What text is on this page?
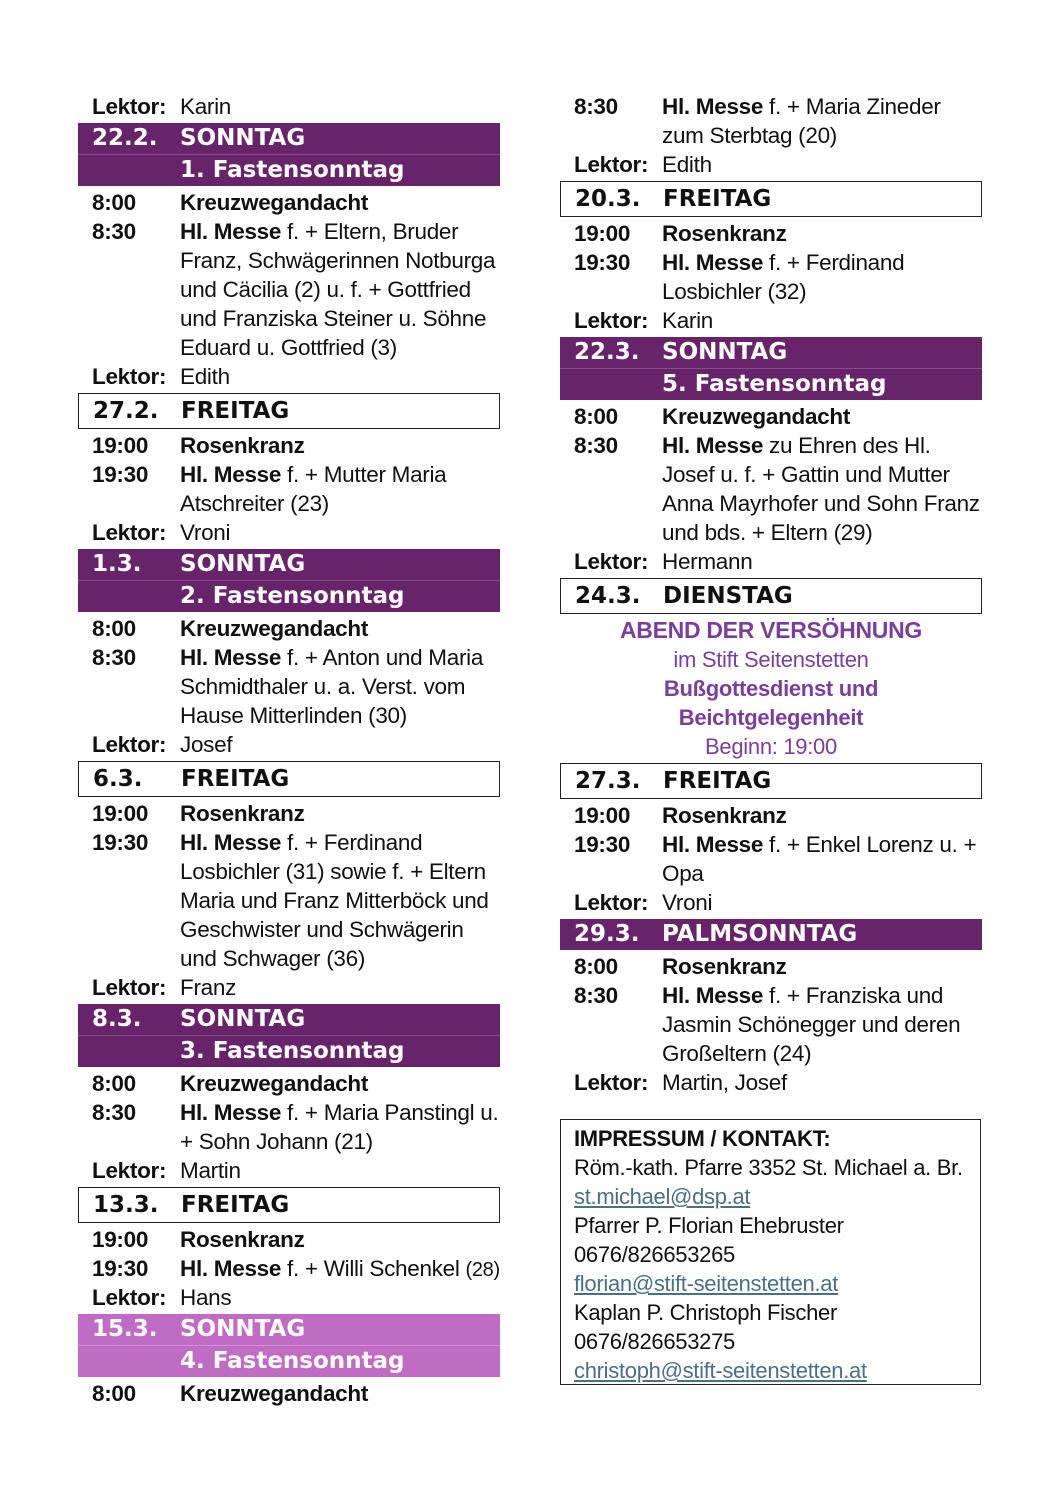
Lektor: Karin
22.2. SONNTAG
1. Fastensonntag
8:00 Kreuzwegandacht
8:30 Hl. Messe f. + Eltern, Bruder
Franz, Schwägerinnen Notburga
und Cäcilia (2) u. f. + Gottfried
und Franziska Steiner u. Söhne
Eduard u. Gottfried (3)
Lektor: Edith
27.2. FREITAG
19:00 Rosenkranz
19:30 Hl. Messe f. + Mutter Maria
Atschreiter (23)
Lektor: Vroni
1.3. SONNTAG
2. Fastensonntag
8:00 Kreuzwegandacht
8:30 Hl. Messe f. + Anton und Maria
Schmidthaler u. a. Verst. vom
Hause Mitterlinden (30)
Lektor: Josef
6.3. FREITAG
19:00 Rosenkranz
19:30 Hl. Messe f. + Ferdinand
Losbichler (31) sowie f. + Eltern
Maria und Franz Mitterböck und
Geschwister und Schwägerin
und Schwager (36)
Lektor: Franz
8.3. SONNTAG
3. Fastensonntag
8:00 Kreuzwegandacht
8:30 Hl. Messe f. + Maria Panstingl u.
+ Sohn Johann (21)
Lektor: Martin
13.3. FREITAG
19:00 Rosenkranz
19:30 Hl. Messe f. + Willi Schenkel (28)
Lektor: Hans
15.3. SONNTAG
4. Fastensonntag
8:00 Kreuzwegandacht
8:30 Hl. Messe f. + Maria Zineder
zum Sterbtag (20)
Lektor: Edith
20.3. FREITAG
19:00 Rosenkranz
19:30 Hl. Messe f. + Ferdinand
Losbichler (32)
Lektor: Karin
22.3. SONNTAG
5. Fastensonntag
8:00 Kreuzwegandacht
8:30 Hl. Messe zu Ehren des Hl.
Josef u. f. + Gattin und Mutter
Anna Mayrhofer und Sohn Franz
und bds. + Eltern (29)
Lektor: Hermann
24.3. DIENSTAG
ABEND DER VERSÖHNUNG
im Stift Seitenstetten
Bußgottesdienst und
Beichtgelegenheit
Beginn: 19:00
27.3. FREITAG
19:00 Rosenkranz
19:30 Hl. Messe f. + Enkel Lorenz u. +
Opa
Lektor: Vroni
29.3. PALMSONNTAG
8:00 Rosenkranz
8:30 Hl. Messe f. + Franziska und
Jasmin Schönegger und deren
Großeltern (24)
Lektor: Martin, Josef
IMPRESSUM / KONTAKT:
Röm.-kath. Pfarre 3352 St. Michael a. Br.
st.michael@dsp.at
Pfarrer P. Florian Ehebruster
0676/826653265
florian@stift-seitenstetten.at
Kaplan P. Christoph Fischer
0676/826653275
christoph@stift-seitenstetten.at
